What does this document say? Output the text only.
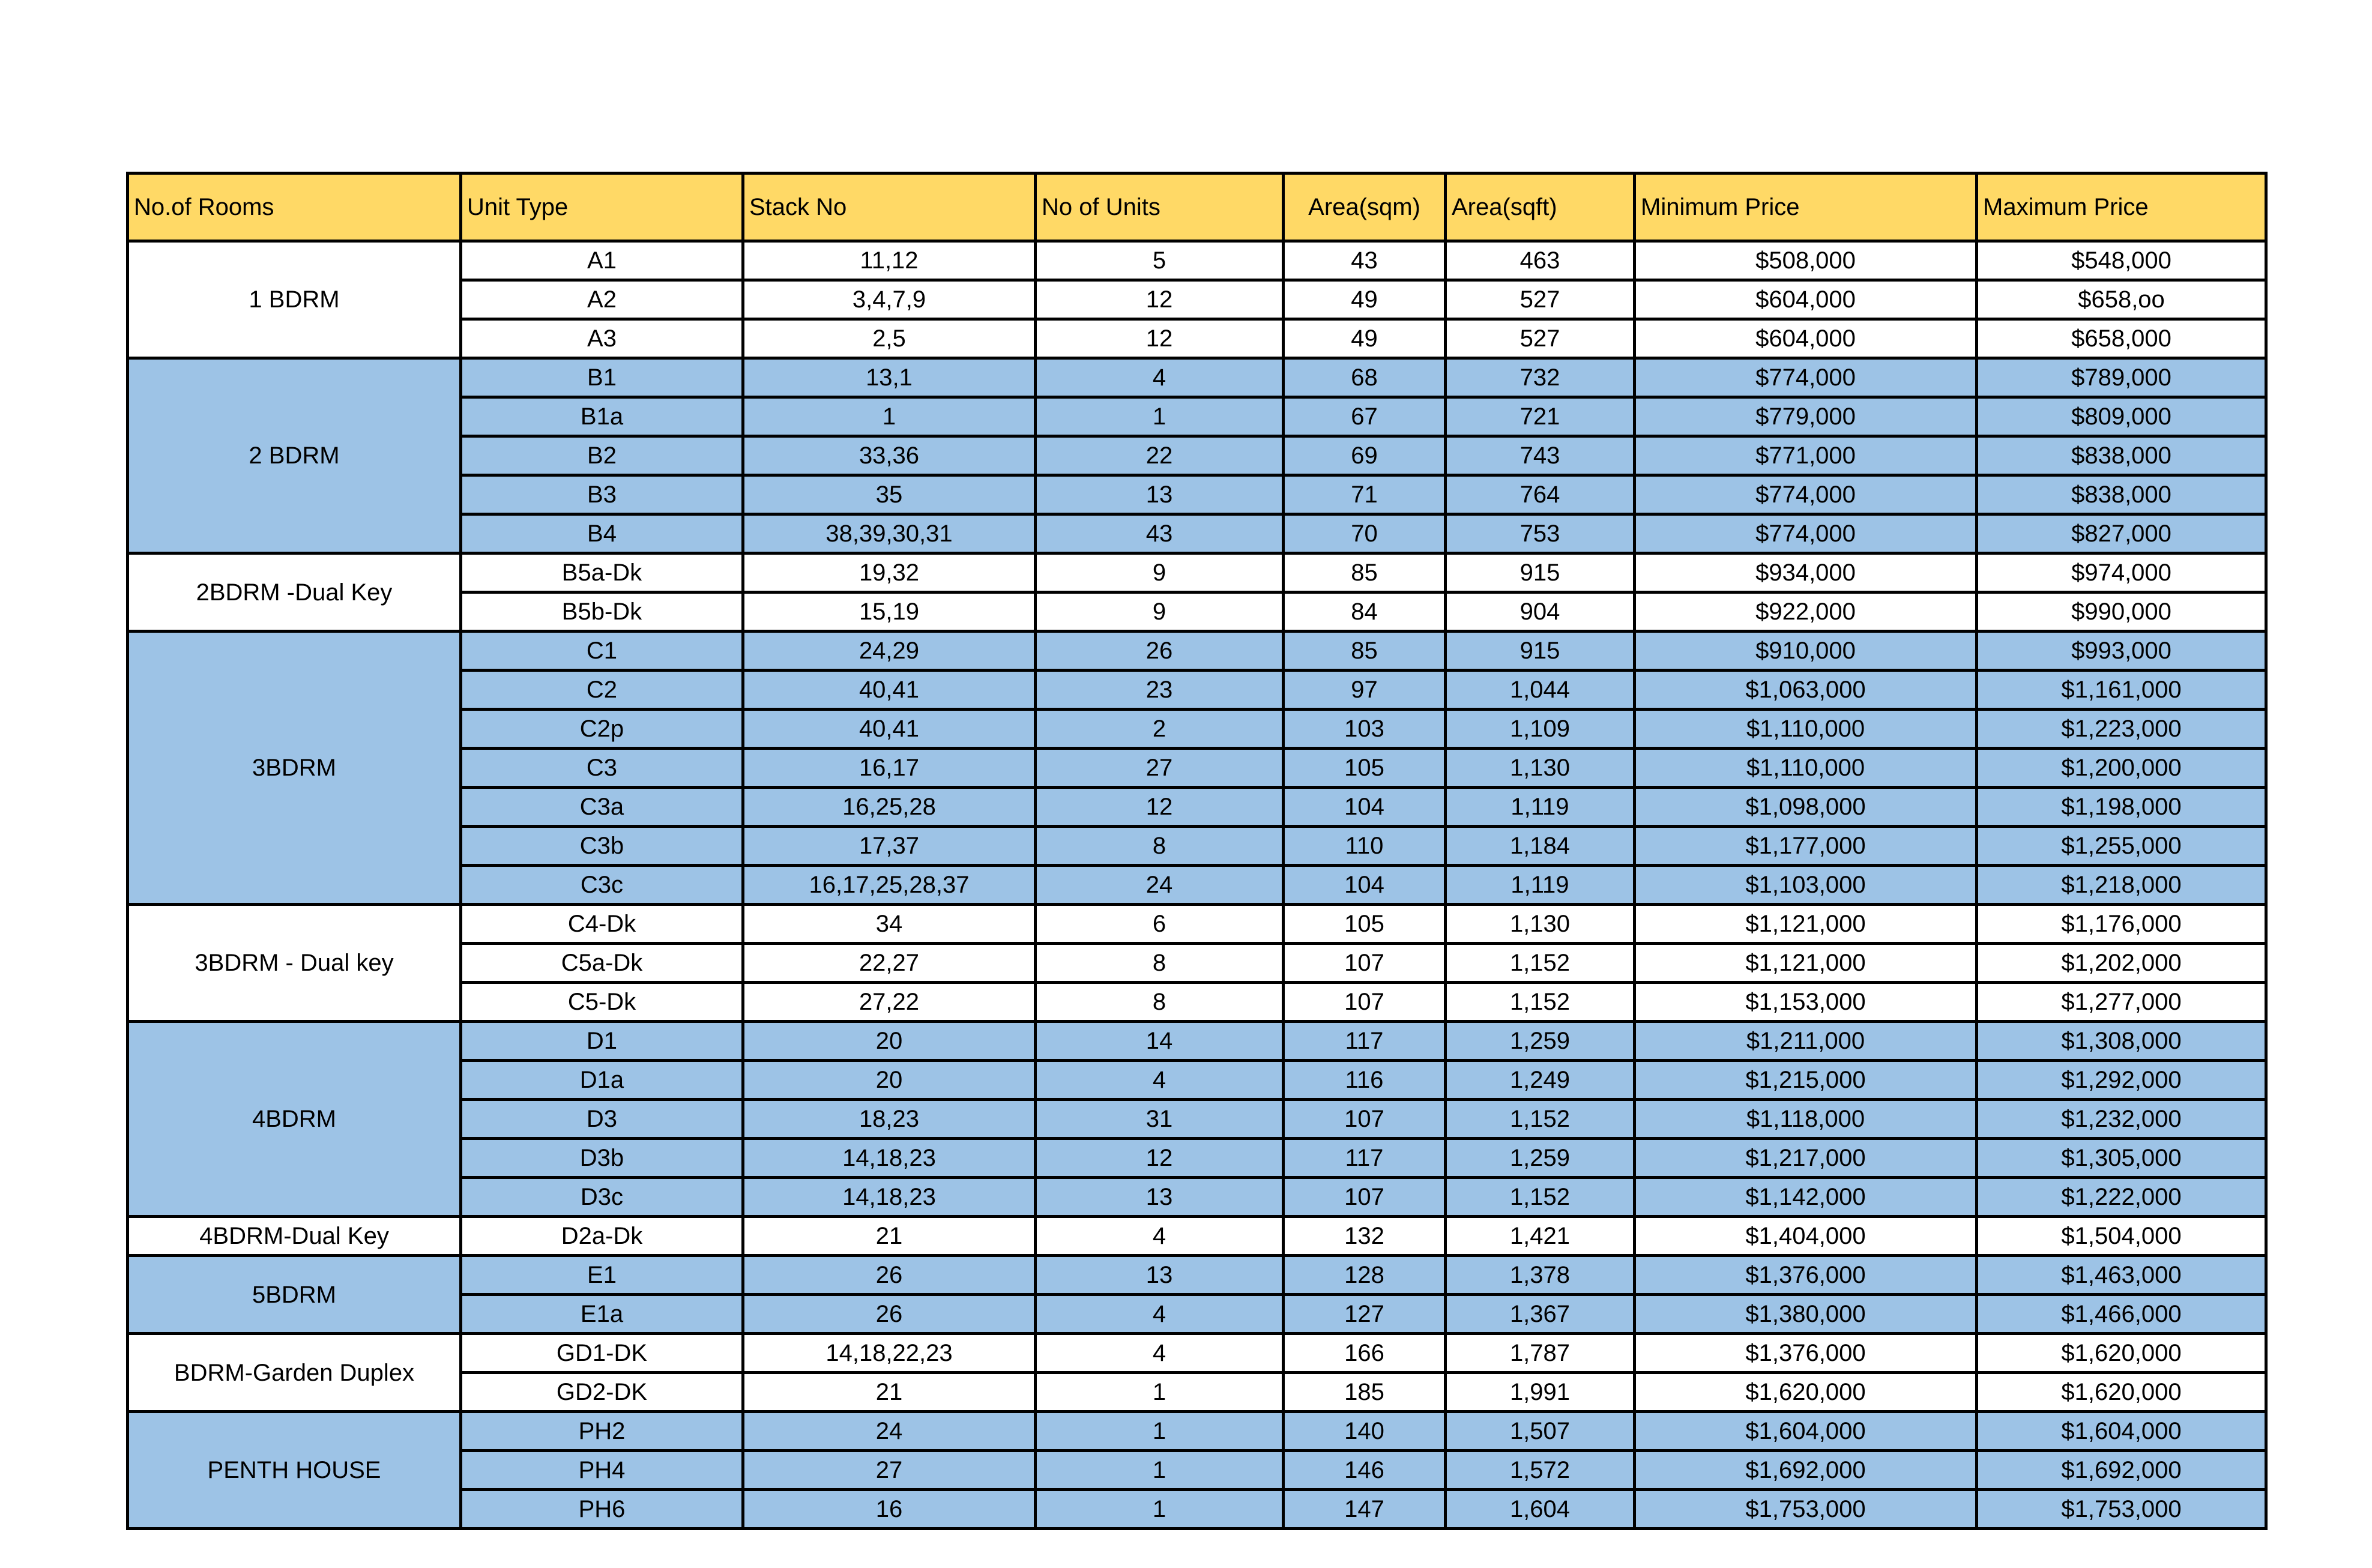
No.of Rooms	Unit Type	Stack No	No of Units	Area(sqm)	Area(sqft)	Minimum Price	Maximum Price
1 BDRM	A1	11,12	5	43	463	$508,000	$548,000
	A2	3,4,7,9	12	49	527	$604,000	$658,oo
	A3	2,5	12	49	527	$604,000	$658,000
2 BDRM	B1	13,1	4	68	732	$774,000	$789,000
	B1a	1	1	67	721	$779,000	$809,000
	B2	33,36	22	69	743	$771,000	$838,000
	B3	35	13	71	764	$774,000	$838,000
	B4	38,39,30,31	43	70	753	$774,000	$827,000
2BDRM -Dual Key	B5a-Dk	19,32	9	85	915	$934,000	$974,000
	B5b-Dk	15,19	9	84	904	$922,000	$990,000
3BDRM	C1	24,29	26	85	915	$910,000	$993,000
	C2	40,41	23	97	1,044	$1,063,000	$1,161,000
	C2p	40,41	2	103	1,109	$1,110,000	$1,223,000
	C3	16,17	27	105	1,130	$1,110,000	$1,200,000
	C3a	16,25,28	12	104	1,119	$1,098,000	$1,198,000
	C3b	17,37	8	110	1,184	$1,177,000	$1,255,000
	C3c	16,17,25,28,37	24	104	1,119	$1,103,000	$1,218,000
3BDRM - Dual key	C4-Dk	34	6	105	1,130	$1,121,000	$1,176,000
	C5a-Dk	22,27	8	107	1,152	$1,121,000	$1,202,000
	C5-Dk	27,22	8	107	1,152	$1,153,000	$1,277,000
4BDRM	D1	20	14	117	1,259	$1,211,000	$1,308,000
	D1a	20	4	116	1,249	$1,215,000	$1,292,000
	D3	18,23	31	107	1,152	$1,118,000	$1,232,000
	D3b	14,18,23	12	117	1,259	$1,217,000	$1,305,000
	D3c	14,18,23	13	107	1,152	$1,142,000	$1,222,000
4BDRM-Dual Key	D2a-Dk	21	4	132	1,421	$1,404,000	$1,504,000
5BDRM	E1	26	13	128	1,378	$1,376,000	$1,463,000
	E1a	26	4	127	1,367	$1,380,000	$1,466,000
BDRM-Garden Duplex	GD1-DK	14,18,22,23	4	166	1,787	$1,376,000	$1,620,000
	GD2-DK	21	1	185	1,991	$1,620,000	$1,620,000
PENTH HOUSE	PH2	24	1	140	1,507	$1,604,000	$1,604,000
	PH4	27	1	146	1,572	$1,692,000	$1,692,000
	PH6	16	1	147	1,604	$1,753,000	$1,753,000
